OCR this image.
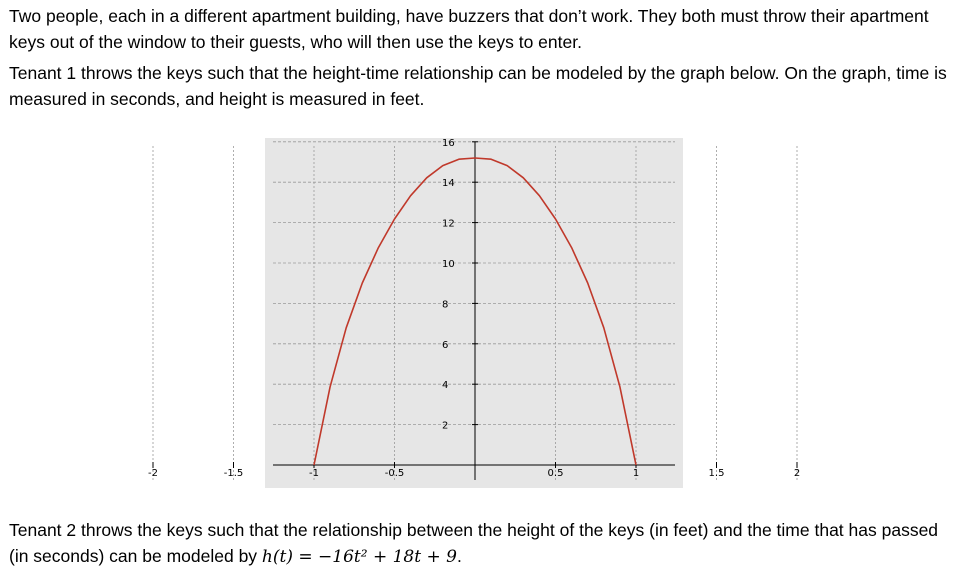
Two people, each in a different apartment building, have buzzers that don’t work. They both must throw their apartment keys out of the window to their guests, who will then use the keys to enter.

Tenant 1 throws the keys such that the height-time relationship can be modeled by the graph below. On the graph, time is measured in seconds, and height is measured in feet.

-2	-1.5	-1	-0.5	0.5	1	1.5	2
2
4
6
8
10
12
14
16

Tenant 2 throws the keys such that the relationship between the height of the keys (in feet) and the time that has passed (in seconds) can be modeled by h(t) = −16t² + 18t + 9.
